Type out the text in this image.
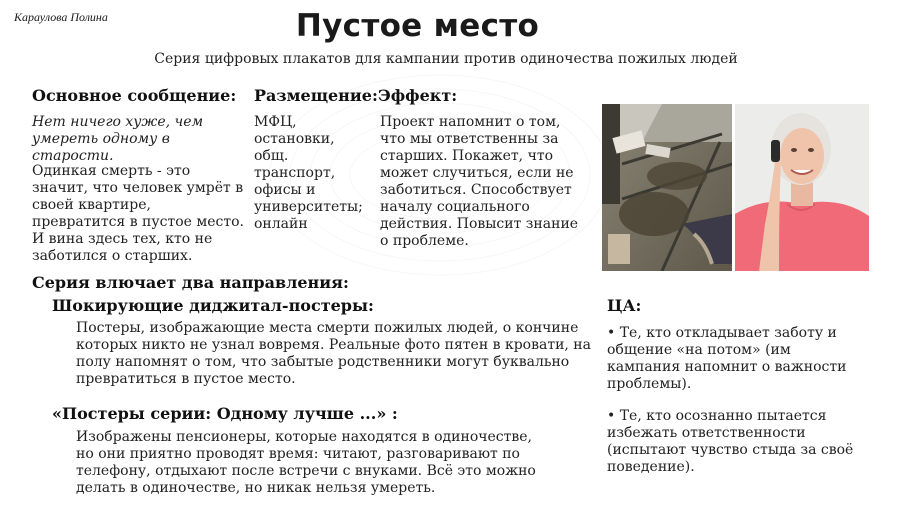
Караулова Полина	Пустое место
Серия цифровых плакатов для кампании против одиночества пожилых людей
Основное сообщение:
Нет ничего хуже, чем
умереть одному в старости.
Одинкая смерть - это
значит, что человек умрёт в
своей квартире,
превратится в пустое место.
И вина здесь тех, кто не
заботился о старших.
Размещение:
МФЦ,
остановки,
общ.
транспорт,
офисы и
университеты;
онлайн
Эффект:
Проект напомнит о том,
что мы ответственны за
старших. Покажет, что
может случиться, если не
заботиться. Способствует
началу социального
действия. Повысит знание
о проблеме.
Серия влючает два направления:
Шокирующие диджитал-постеры:
Постеры, изображающие места смерти пожилых людей, о кончине
которых никто не узнал вовремя. Реальные фото пятен в кровати, на
полу напомнят о том, что забытые родственники могут буквально
превратиться в пустое место.
«Постеры серии: Одному лучше ...» :
Изображены пенсионеры, которые находятся в одиночестве,
но они приятно проводят время: читают, разговаривают по
телефону, отдыхают после встречи с внуками. Всё это можно
делать в одиночестве, но никак нельзя умереть.
ЦА:
• Те, кто откладывает заботу и
общение «на потом» (им
кампания напомнит о важности
проблемы).
• Те, кто осознанно пытается
избежать ответственности
(испытают чувство стыда за своё
поведение).
